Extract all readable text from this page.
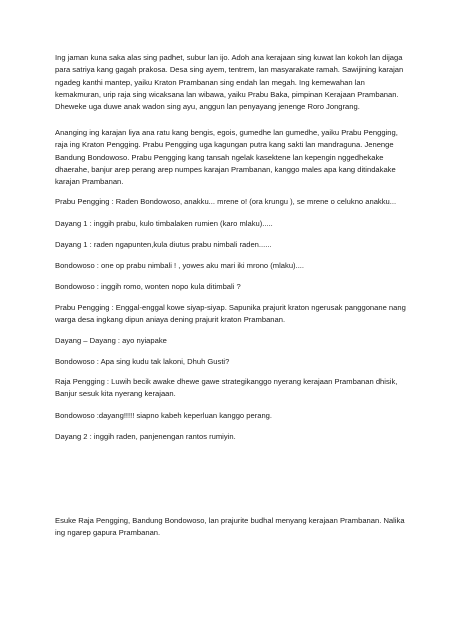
Ing jaman kuna saka alas sing padhet, subur lan ijo. Adoh ana kerajaan sing kuwat lan kokoh lan dijaga
para satriya kang gagah prakosa. Desa sing ayem, tentrem, lan masyarakate ramah. Sawijining karajan
ngadeg kanthi mantep, yaiku Kraton Prambanan sing endah lan megah. Ing kemewahan lan
kemakmuran, urip raja sing wicaksana lan wibawa, yaiku Prabu Baka, pimpinan Kerajaan Prambanan.
Dheweke uga duwe anak wadon sing ayu, anggun lan penyayang jenenge Roro Jongrang.

Ananging ing karajan liya ana ratu kang bengis, egois, gumedhe lan gumedhe, yaiku Prabu Pengging,
raja ing Kraton Pengging. Prabu Pengging uga kagungan putra kang sakti lan mandraguna. Jenenge
Bandung Bondowoso. Prabu Pengging kang tansah ngelak kasektene lan kepengin nggedhekake
dhaerahe, banjur arep perang arep numpes karajan Prambanan, kanggo males apa kang ditindakake
karajan Prambanan.

Prabu Pengging : Raden Bondowoso, anakku... mrene o! (ora krungu ), se mrene o celukno anakku...

Dayang 1 : inggih prabu, kulo timbalaken rumien (karo mlaku).....

Dayang 1 : raden ngapunten,kula diutus prabu nimbali raden......

Bondowoso : one op prabu nimbali ! , yowes aku mari iki mrono (mlaku)....

Bondowoso : inggih romo, wonten nopo kula ditimbali ?

Prabu Pengging : Enggal-enggal kowe siyap-siyap. Sapunika prajurit kraton ngerusak panggonane nang
warga desa ingkang dipun aniaya dening prajurit kraton Prambanan.

Dayang – Dayang : ayo nyiapake

Bondowoso : Apa sing kudu tak lakoni, Dhuh Gusti?

Raja Pengging : Luwih becik awake dhewe gawe strategikanggo nyerang kerajaan Prambanan dhisik,
Banjur sesuk kita nyerang kerajaan.

Bondowoso :dayang!!!!! siapno kabeh keperluan kanggo perang.

Dayang 2 : inggih raden, panjenengan rantos rumiyin.

Esuke Raja Pengging, Bandung Bondowoso, lan prajurite budhal menyang kerajaan Prambanan. Nalika
ing ngarep gapura Prambanan.
